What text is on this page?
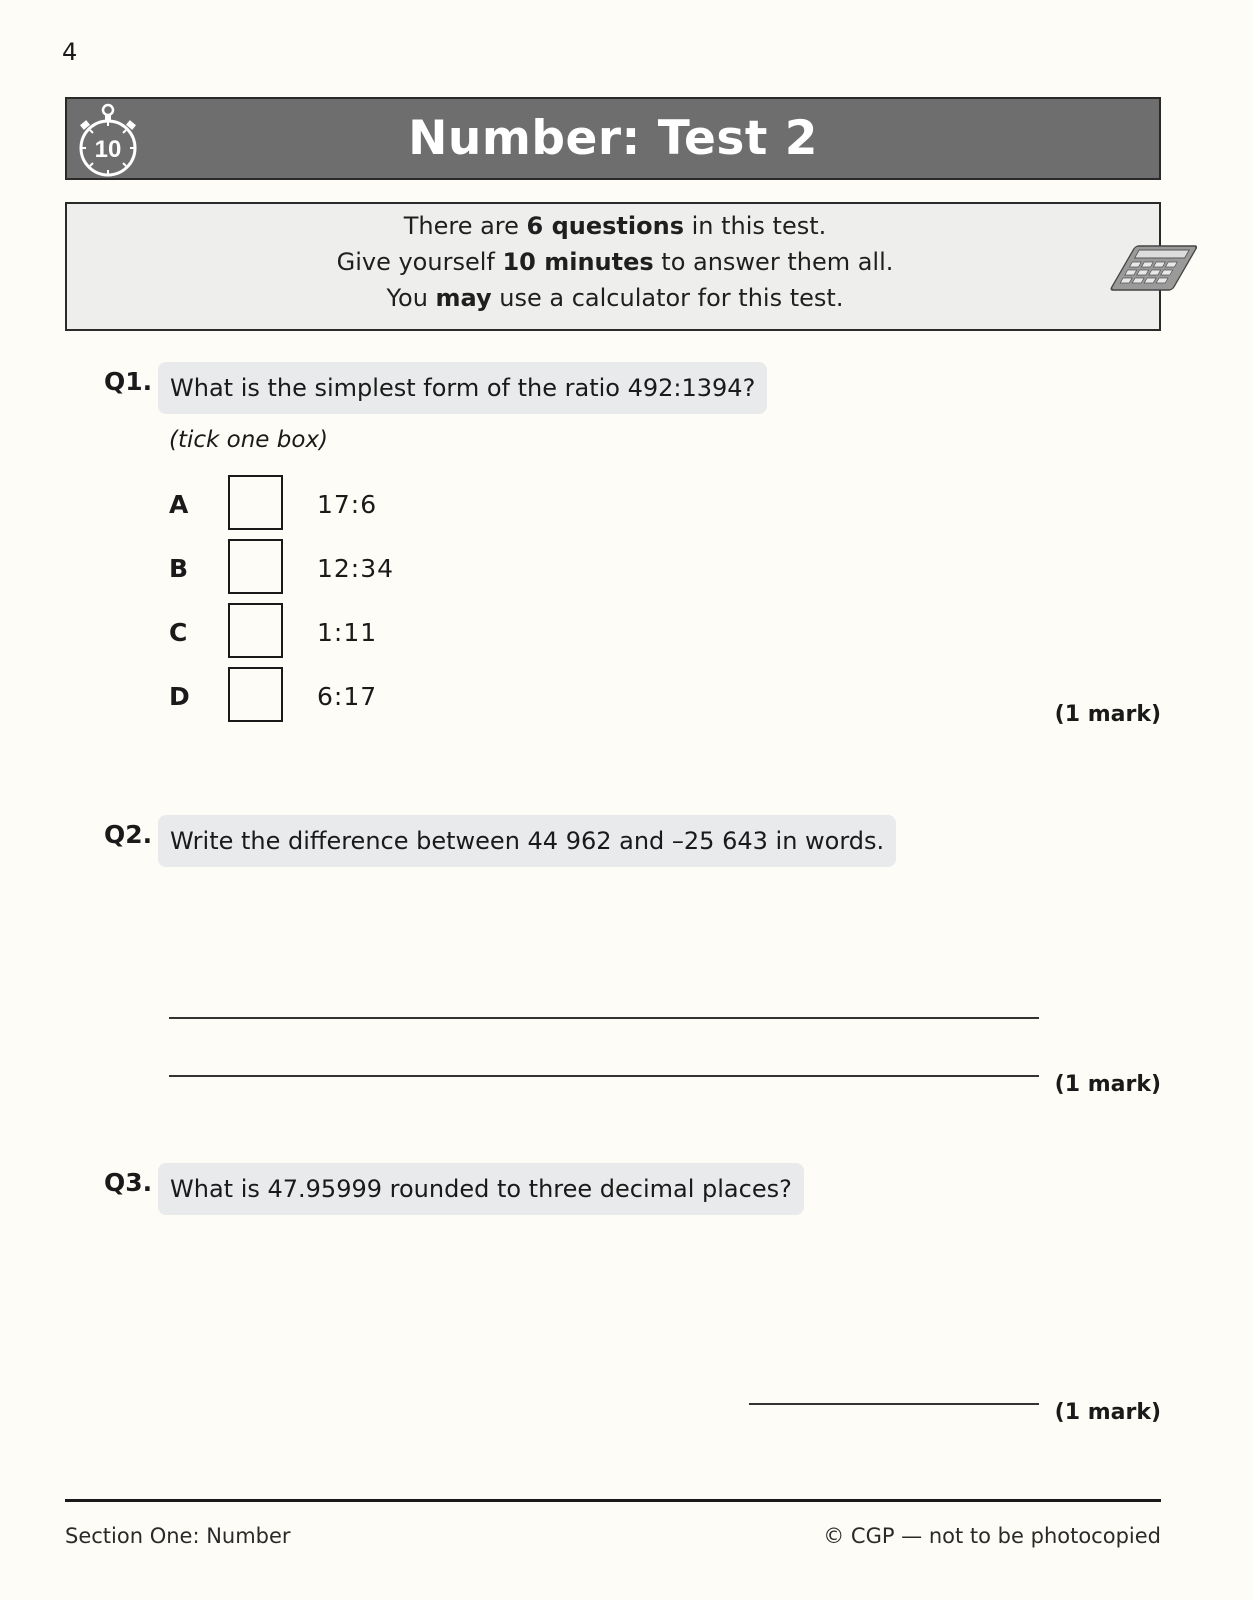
4
10	Number: Test 2
There are 6 questions in this test.
Give yourself 10 minutes to answer them all.
You may use a calculator for this test.
Q1. What is the simplest form of the ratio 492:1394?
(tick one box)
A	17:6
B	12:34
C	1:11
D	6:17
(1 mark)
Q2. Write the difference between 44 962 and –25 643 in words.
(1 mark)
Q3. What is 47.95999 rounded to three decimal places?
(1 mark)
Section One: Number	© CGP — not to be photocopied
